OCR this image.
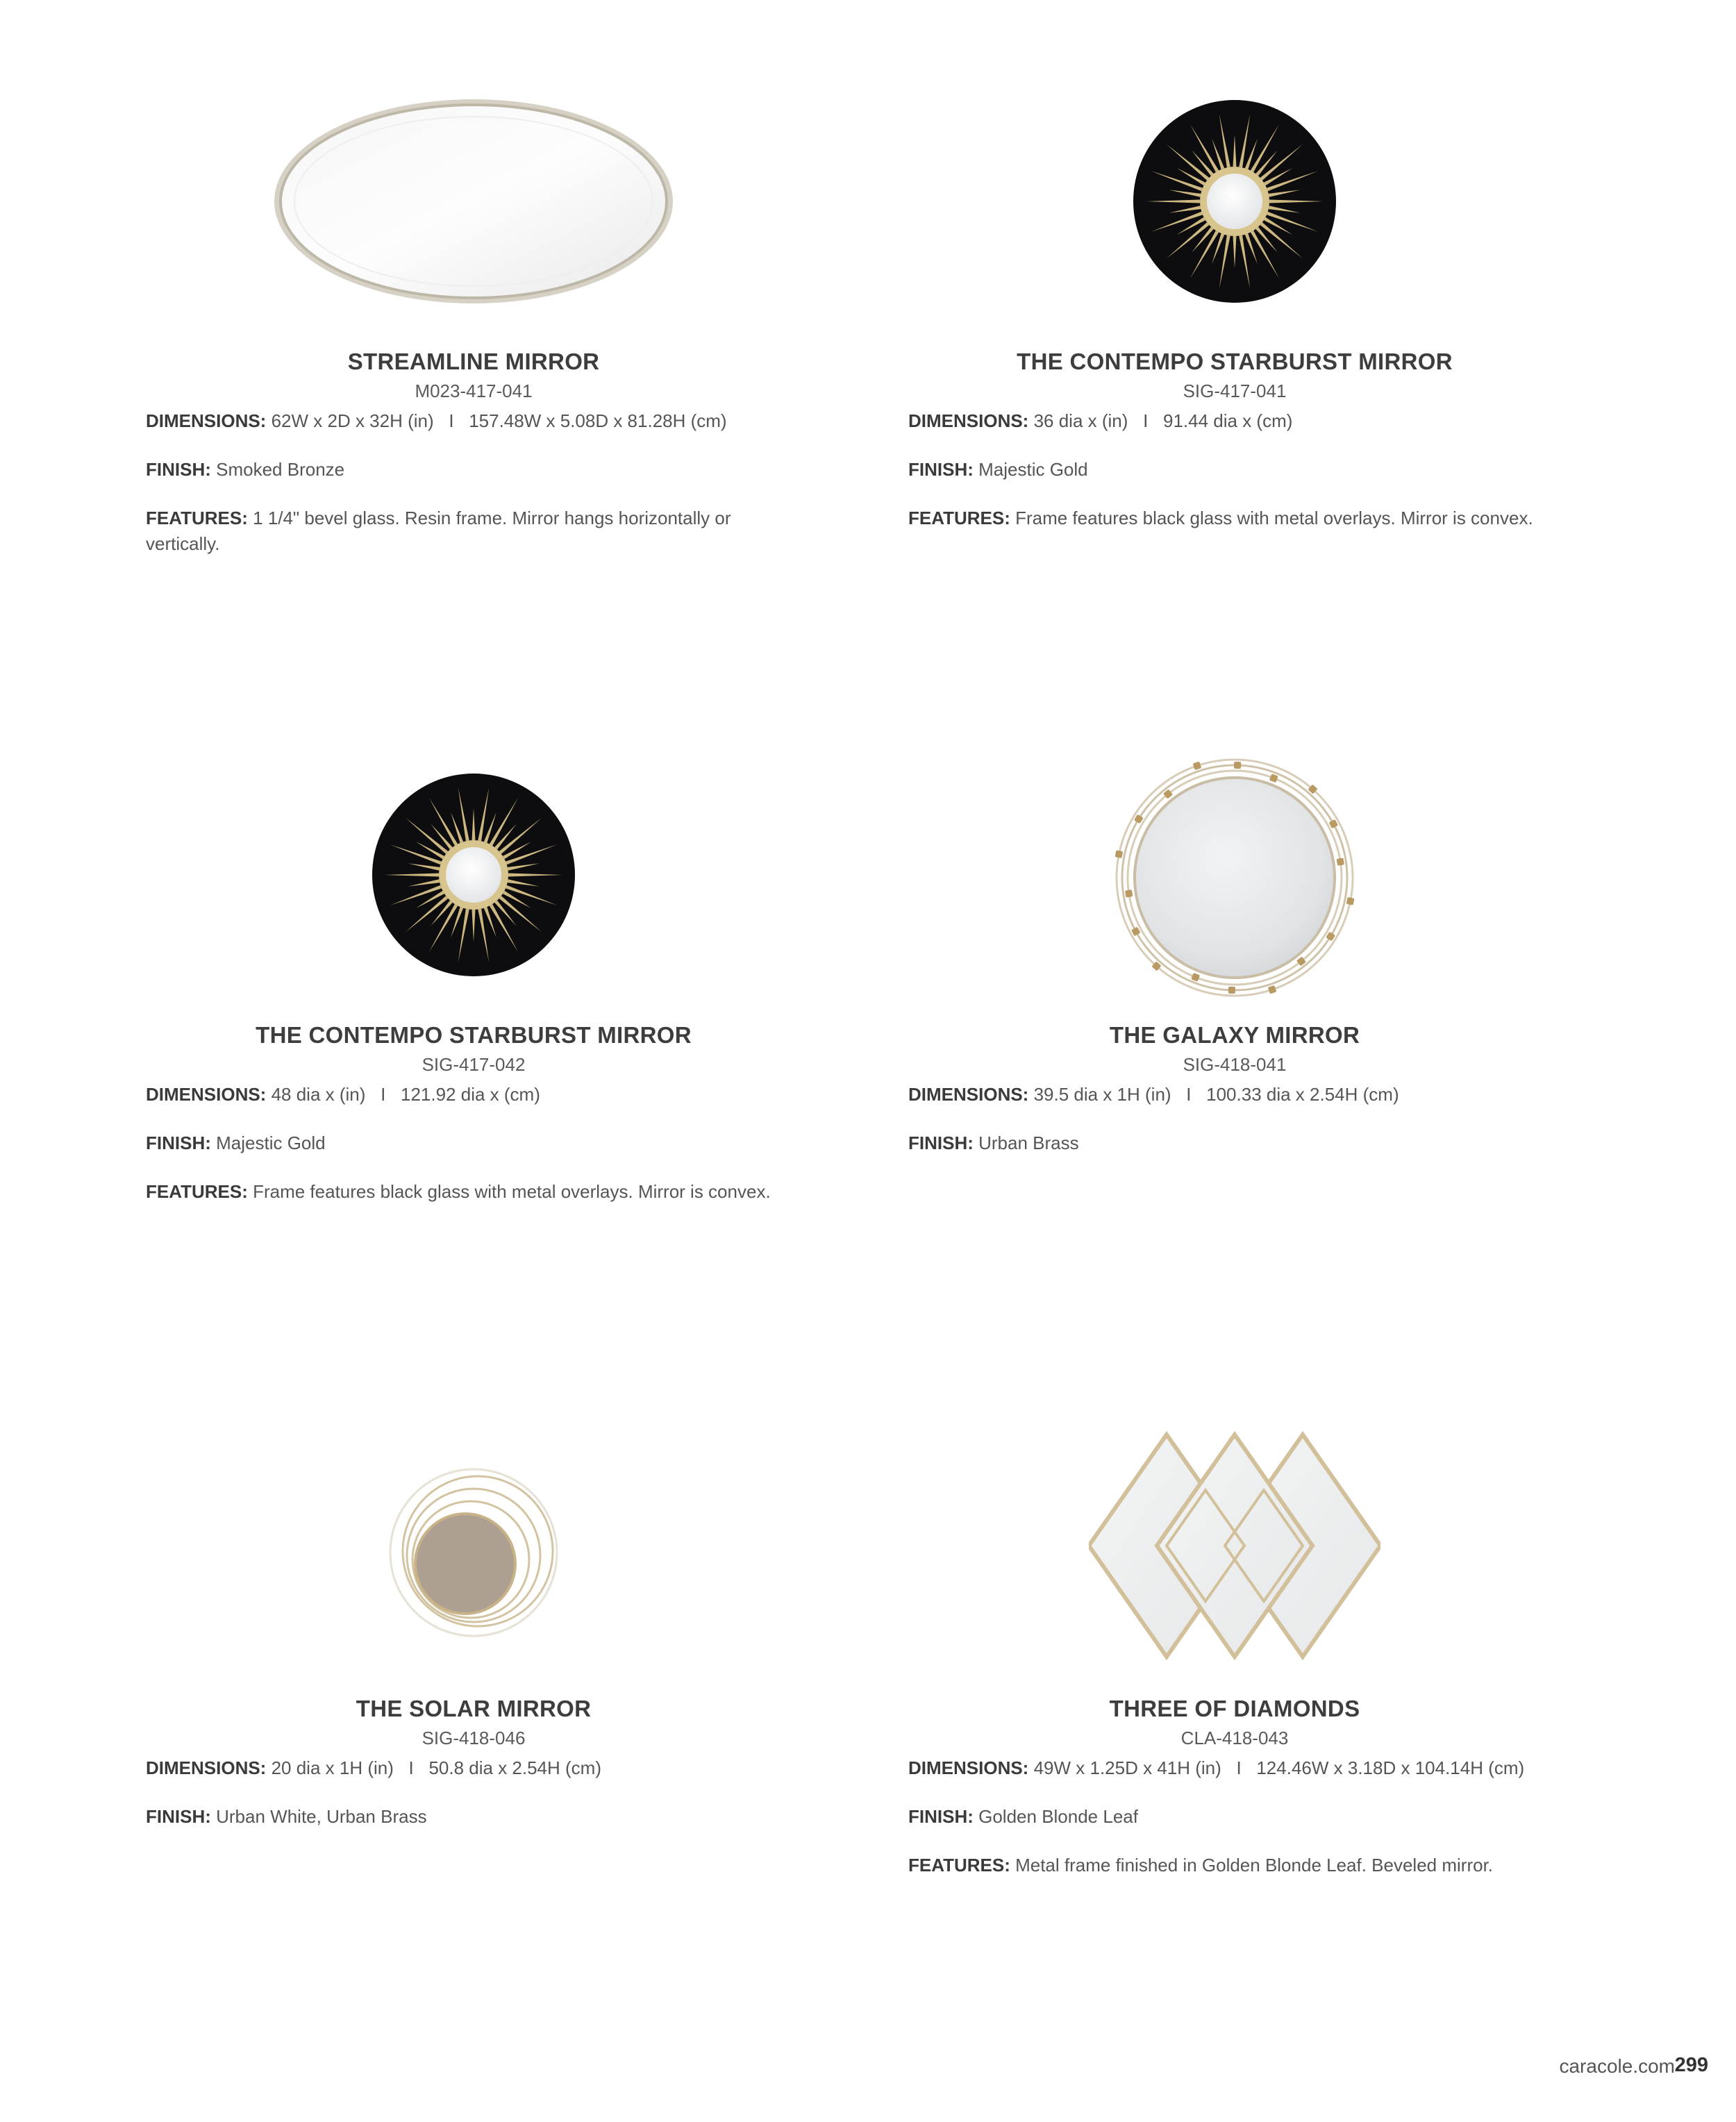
STREAMLINE MIRROR
M023-417-041
DIMENSIONS: 62W x 2D x 32H (in)   I   157.48W x 5.08D x 81.28H (cm)
FINISH: Smoked Bronze
FEATURES: 1 1/4" bevel glass. Resin frame. Mirror hangs horizontally or vertically.
THE CONTEMPO STARBURST MIRROR
SIG-417-041
DIMENSIONS: 36 dia x (in)   I   91.44 dia x (cm)
FINISH: Majestic Gold
FEATURES: Frame features black glass with metal overlays. Mirror is convex.
THE CONTEMPO STARBURST MIRROR
SIG-417-042
DIMENSIONS: 48 dia x (in)   I   121.92 dia x (cm)
FINISH: Majestic Gold
FEATURES: Frame features black glass with metal overlays. Mirror is convex.
THE GALAXY MIRROR
SIG-418-041
DIMENSIONS: 39.5 dia x 1H (in)   I   100.33 dia x 2.54H (cm)
FINISH: Urban Brass
THE SOLAR MIRROR
SIG-418-046
DIMENSIONS: 20 dia x 1H (in)   I   50.8 dia x 2.54H (cm)
FINISH: Urban White, Urban Brass
THREE OF DIAMONDS
CLA-418-043
DIMENSIONS: 49W x 1.25D x 41H (in)   I   124.46W x 3.18D x 104.14H (cm)
FINISH: Golden Blonde Leaf
FEATURES: Metal frame finished in Golden Blonde Leaf. Beveled mirror.
caracole.com 299
